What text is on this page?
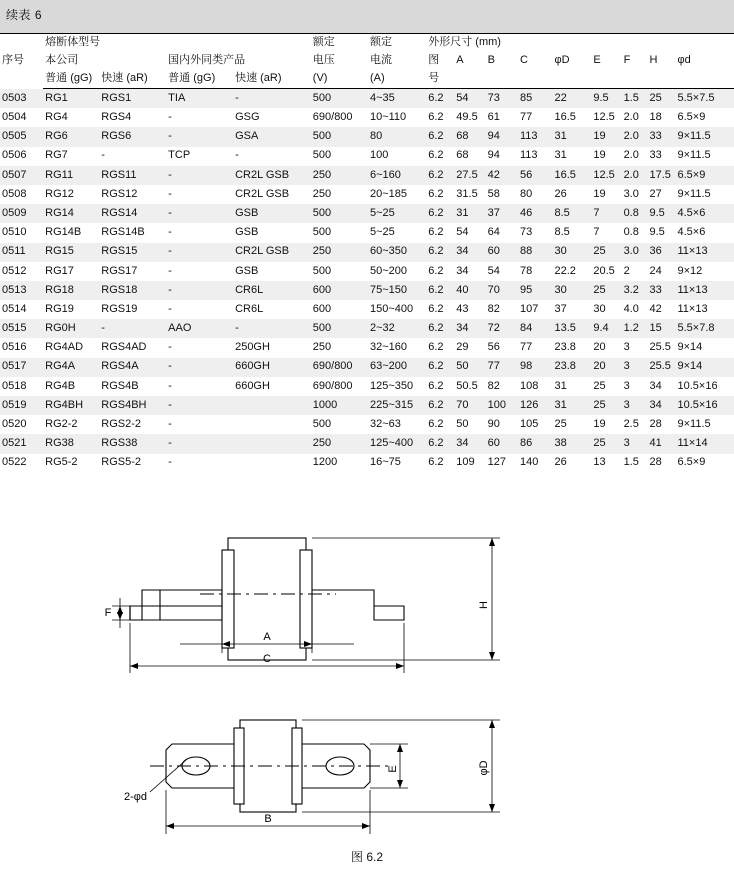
续表 6
序号	熔断体型号				额定	额定	外形尺寸 (mm)								
	本公司		国内外同类产品		电压	电流	图	A	B	C	φD	E	F	H	φd
	普通 (gG)	快速 (aR)	普通 (gG)	快速 (aR)	(V)	(A)	号								
0503	RG1	RGS1	TIA	-	500	4~35	6.2	54	73	85	22	9.5	1.5	25	5.5×7.5
0504	RG4	RGS4	-	GSG	690/800	10~110	6.2	49.5	61	77	16.5	12.5	2.0	18	6.5×9
0505	RG6	RGS6	-	GSA	500	80	6.2	68	94	113	31	19	2.0	33	9×11.5
0506	RG7	-	TCP	-	500	100	6.2	68	94	113	31	19	2.0	33	9×11.5
0507	RG11	RGS11	-	CR2L GSB	250	6~160	6.2	27.5	42	56	16.5	12.5	2.0	17.5	6.5×9
0508	RG12	RGS12	-	CR2L GSB	250	20~185	6.2	31.5	58	80	26	19	3.0	27	9×11.5
0509	RG14	RGS14	-	GSB	500	5~25	6.2	31	37	46	8.5	7	0.8	9.5	4.5×6
0510	RG14B	RGS14B	-	GSB	500	5~25	6.2	54	64	73	8.5	7	0.8	9.5	4.5×6
0511	RG15	RGS15	-	CR2L GSB	250	60~350	6.2	34	60	88	30	25	3.0	36	11×13
0512	RG17	RGS17	-	GSB	500	50~200	6.2	34	54	78	22.2	20.5	2	24	9×12
0513	RG18	RGS18	-	CR6L	600	75~150	6.2	40	70	95	30	25	3.2	33	11×13
0514	RG19	RGS19	-	CR6L	600	150~400	6.2	43	82	107	37	30	4.0	42	11×13
0515	RG0H	-	AAO	-	500	2~32	6.2	34	72	84	13.5	9.4	1.2	15	5.5×7.8
0516	RG4AD	RGS4AD	-	250GH	250	32~160	6.2	29	56	77	23.8	20	3	25.5	9×14
0517	RG4A	RGS4A	-	660GH	690/800	63~200	6.2	50	77	98	23.8	20	3	25.5	9×14
0518	RG4B	RGS4B	-	660GH	690/800	125~350	6.2	50.5	82	108	31	25	3	34	10.5×16
0519	RG4BH	RGS4BH	-		1000	225~315	6.2	70	100	126	31	25	3	34	10.5×16
0520	RG2-2	RGS2-2	-		500	32~63	6.2	50	90	105	25	19	2.5	28	9×11.5
0521	RG38	RGS38	-		250	125~400	6.2	34	60	86	38	25	3	41	11×14
0522	RG5-2	RGS5-2	-		1200	16~75	6.2	109	127	140	26	13	1.5	28	6.5×9
H
F
A
C
2-φd
E	φD
B
图 6.2
